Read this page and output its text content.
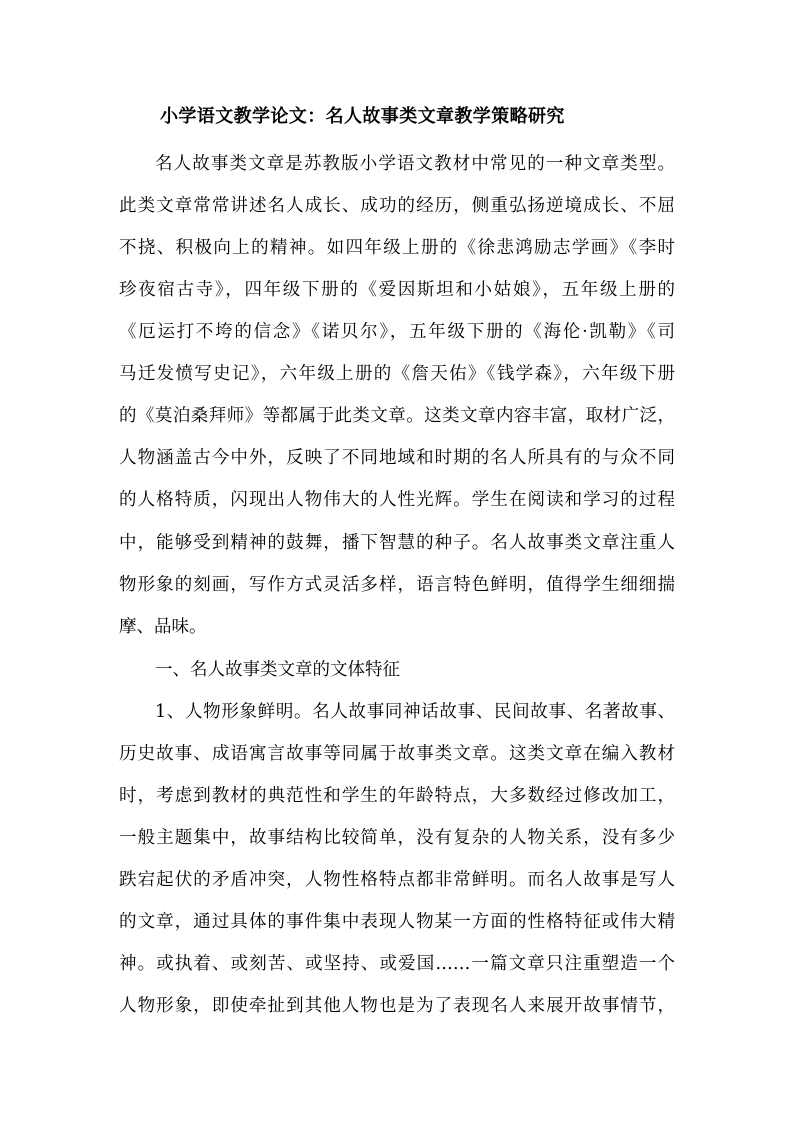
小学语文教学论文：名人故事类文章教学策略研究
名人故事类文章是苏教版小学语文教材中常见的一种文章类型。
此类文章常常讲述名人成长、成功的经历，侧重弘扬逆境成长、不屈
不挠、积极向上的精神。如四年级上册的《徐悲鸿励志学画》《李时
珍夜宿古寺》，四年级下册的《爱因斯坦和小姑娘》，五年级上册的
《厄运打不垮的信念》《诺贝尔》，五年级下册的《海伦·凯勒》《司
马迁发愤写史记》，六年级上册的《詹天佑》《钱学森》，六年级下册
的《莫泊桑拜师》等都属于此类文章。这类文章内容丰富，取材广泛，
人物涵盖古今中外，反映了不同地域和时期的名人所具有的与众不同
的人格特质，闪现出人物伟大的人性光辉。学生在阅读和学习的过程
中，能够受到精神的鼓舞，播下智慧的种子。名人故事类文章注重人
物形象的刻画，写作方式灵活多样，语言特色鲜明，值得学生细细揣
摩、品味。
一、名人故事类文章的文体特征
1、人物形象鲜明。名人故事同神话故事、民间故事、名著故事、
历史故事、成语寓言故事等同属于故事类文章。这类文章在编入教材
时，考虑到教材的典范性和学生的年龄特点，大多数经过修改加工，
一般主题集中，故事结构比较简单，没有复杂的人物关系，没有多少
跌宕起伏的矛盾冲突，人物性格特点都非常鲜明。而名人故事是写人
的文章，通过具体的事件集中表现人物某一方面的性格特征或伟大精
神。或执着、或刻苦、或坚持、或爱国……一篇文章只注重塑造一个
人物形象，即使牵扯到其他人物也是为了表现名人来展开故事情节，
